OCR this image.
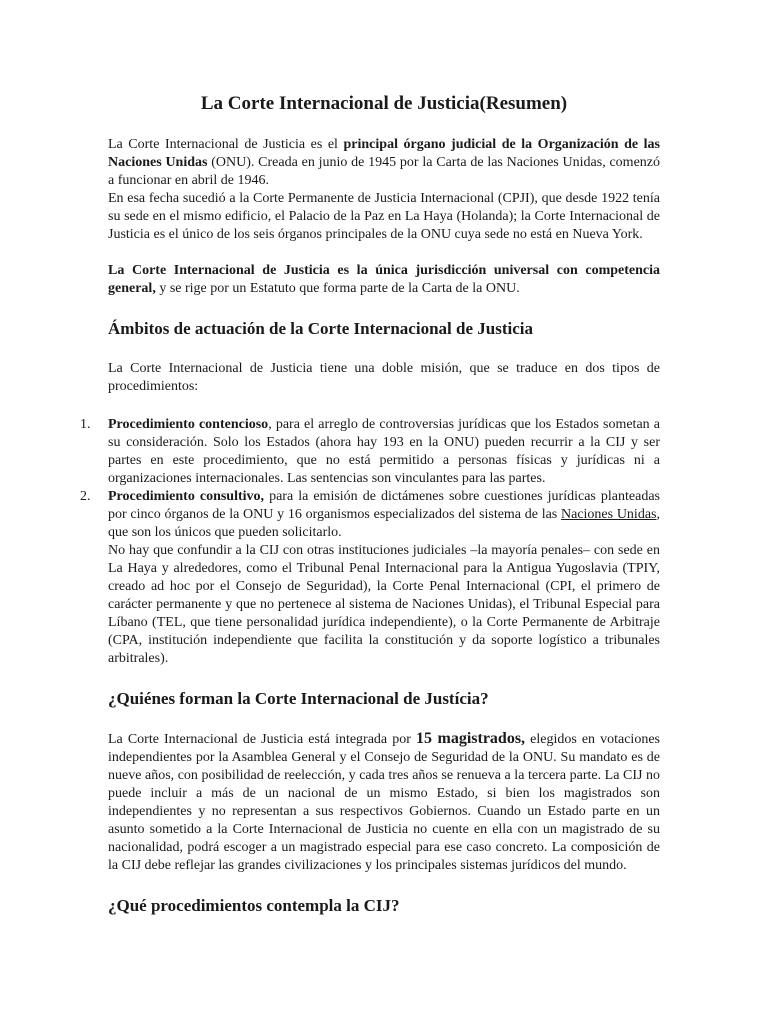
La Corte Internacional de Justicia(Resumen)

La Corte Internacional de Justicia es el principal órgano judicial de la Organización de las Naciones Unidas (ONU). Creada en junio de 1945 por la Carta de las Naciones Unidas, comenzó a funcionar en abril de 1946.

En esa fecha sucedió a la Corte Permanente de Justicia Internacional (CPJI), que desde 1922 tenía su sede en el mismo edificio, el Palacio de la Paz en La Haya (Holanda); la Corte Internacional de Justicia es el único de los seis órganos principales de la ONU cuya sede no está en Nueva York.

La Corte Internacional de Justicia es la única jurisdicción universal con competencia general, y se rige por un Estatuto que forma parte de la Carta de la ONU.

Ámbitos de actuación de la Corte Internacional de Justicia

La Corte Internacional de Justicia tiene una doble misión, que se traduce en dos tipos de procedimientos:

1. Procedimiento contencioso, para el arreglo de controversias jurídicas que los Estados sometan a su consideración. Solo los Estados (ahora hay 193 en la ONU) pueden recurrir a la CIJ y ser partes en este procedimiento, que no está permitido a personas físicas y jurídicas ni a organizaciones internacionales. Las sentencias son vinculantes para las partes.
2. Procedimiento consultivo, para la emisión de dictámenes sobre cuestiones jurídicas planteadas por cinco órganos de la ONU y 16 organismos especializados del sistema de las Naciones Unidas, que son los únicos que pueden solicitarlo.
No hay que confundir a la CIJ con otras instituciones judiciales –la mayoría penales– con sede en La Haya y alrededores, como el Tribunal Penal Internacional para la Antigua Yugoslavia (TPIY, creado ad hoc por el Consejo de Seguridad), la Corte Penal Internacional (CPI, el primero de carácter permanente y que no pertenece al sistema de Naciones Unidas), el Tribunal Especial para Líbano (TEL, que tiene personalidad jurídica independiente), o la Corte Permanente de Arbitraje (CPA, institución independiente que facilita la constitución y da soporte logístico a tribunales arbitrales).
¿Quiénes forman la Corte Internacional de Justícia?

La Corte Internacional de Justicia está integrada por 15 magistrados, elegidos en votaciones independientes por la Asamblea General y el Consejo de Seguridad de la ONU. Su mandato es de nueve años, con posibilidad de reelección, y cada tres años se renueva a la tercera parte. La CIJ no puede incluir a más de un nacional de un mismo Estado, si bien los magistrados son independientes y no representan a sus respectivos Gobiernos. Cuando un Estado parte en un asunto sometido a la Corte Internacional de Justicia no cuente en ella con un magistrado de su nacionalidad, podrá escoger a un magistrado especial para ese caso concreto. La composición de la CIJ debe reflejar las grandes civilizaciones y los principales sistemas jurídicos del mundo.

¿Qué procedimientos contempla la CIJ?
